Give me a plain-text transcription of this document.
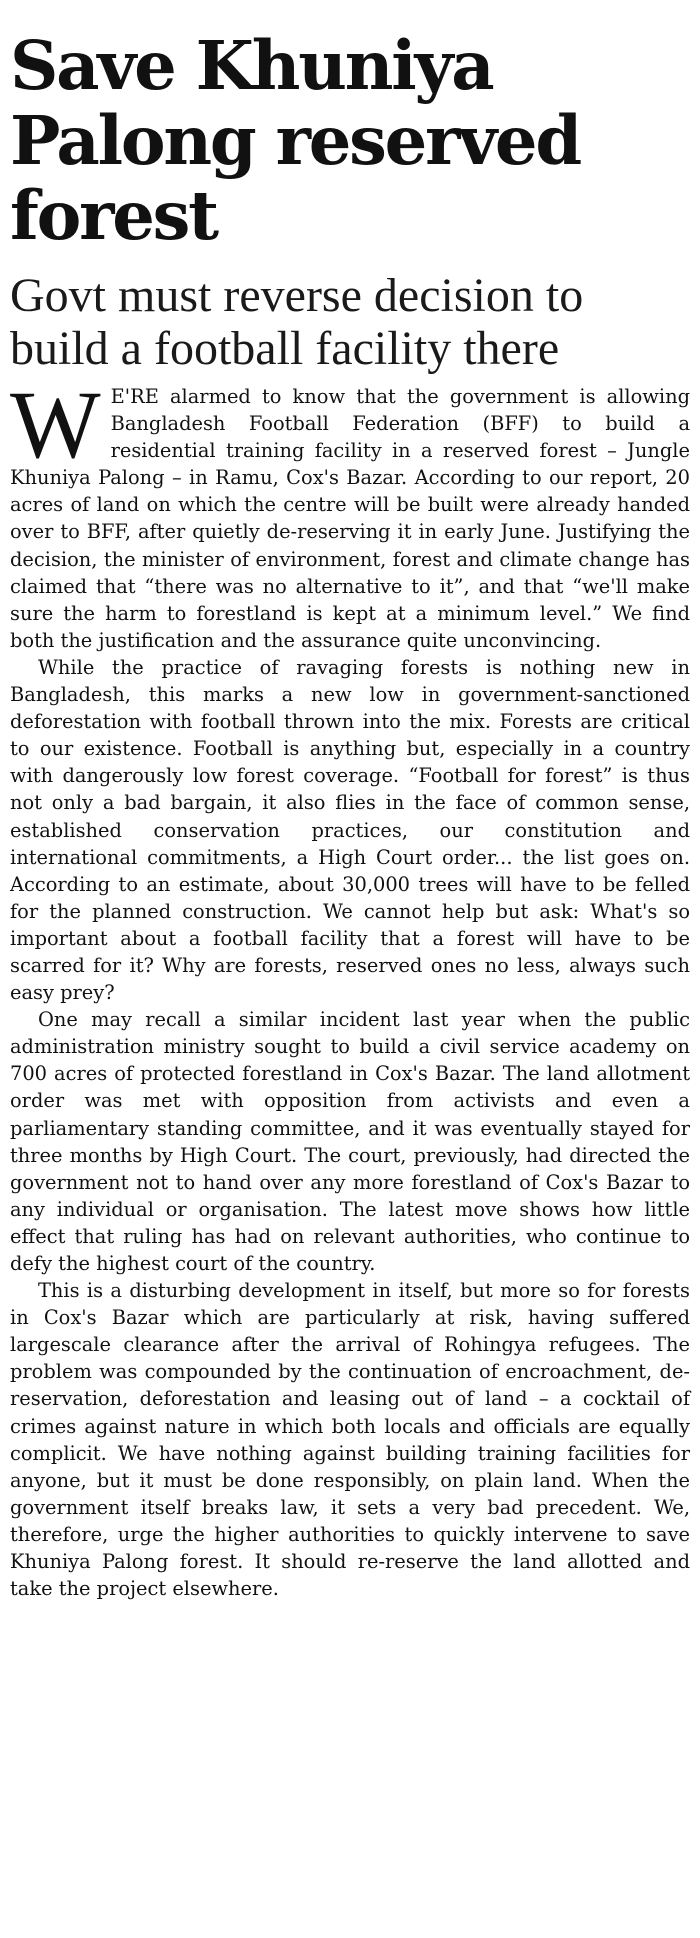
Save Khuniya Palong reserved forest
Govt must reverse decision to build a football facility there

W E'RE alarmed to know that the government is allowing Bangladesh Football Federation (BFF) to build a residential training facility in a reserved forest – Jungle Khuniya Palong – in Ramu, Cox's Bazar. According to our report, 20 acres of land on which the centre will be built were already handed over to BFF, after quietly de-reserving it in early June. Justifying the decision, the minister of environment, forest and climate change has claimed that “there was no alternative to it”, and that “we'll make sure the harm to forestland is kept at a minimum level.” We find both the justification and the assurance quite unconvincing.

While the practice of ravaging forests is nothing new in Bangladesh, this marks a new low in government-sanctioned deforestation with football thrown into the mix. Forests are critical to our existence. Football is anything but, especially in a country with dangerously low forest coverage. “Football for forest” is thus not only a bad bargain, it also flies in the face of common sense, established conservation practices, our constitution and international commitments, a High Court order... the list goes on. According to an estimate, about 30,000 trees will have to be felled for the planned construction. We cannot help but ask: What's so important about a football facility that a forest will have to be scarred for it? Why are forests, reserved ones no less, always such easy prey?

One may recall a similar incident last year when the public administration ministry sought to build a civil service academy on 700 acres of protected forestland in Cox's Bazar. The land allotment order was met with opposition from activists and even a parliamentary standing committee, and it was eventually stayed for three months by High Court. The court, previously, had directed the government not to hand over any more forestland of Cox's Bazar to any individual or organisation. The latest move shows how little effect that ruling has had on relevant authorities, who continue to defy the highest court of the country.

This is a disturbing development in itself, but more so for forests in Cox's Bazar which are particularly at risk, having suffered largescale clearance after the arrival of Rohingya refugees. The problem was compounded by the continuation of encroachment, de-reservation, deforestation and leasing out of land – a cocktail of crimes against nature in which both locals and officials are equally complicit. We have nothing against building training facilities for anyone, but it must be done responsibly, on plain land. When the government itself breaks law, it sets a very bad precedent. We, therefore, urge the higher authorities to quickly intervene to save Khuniya Palong forest. It should re-reserve the land allotted and take the project elsewhere.
